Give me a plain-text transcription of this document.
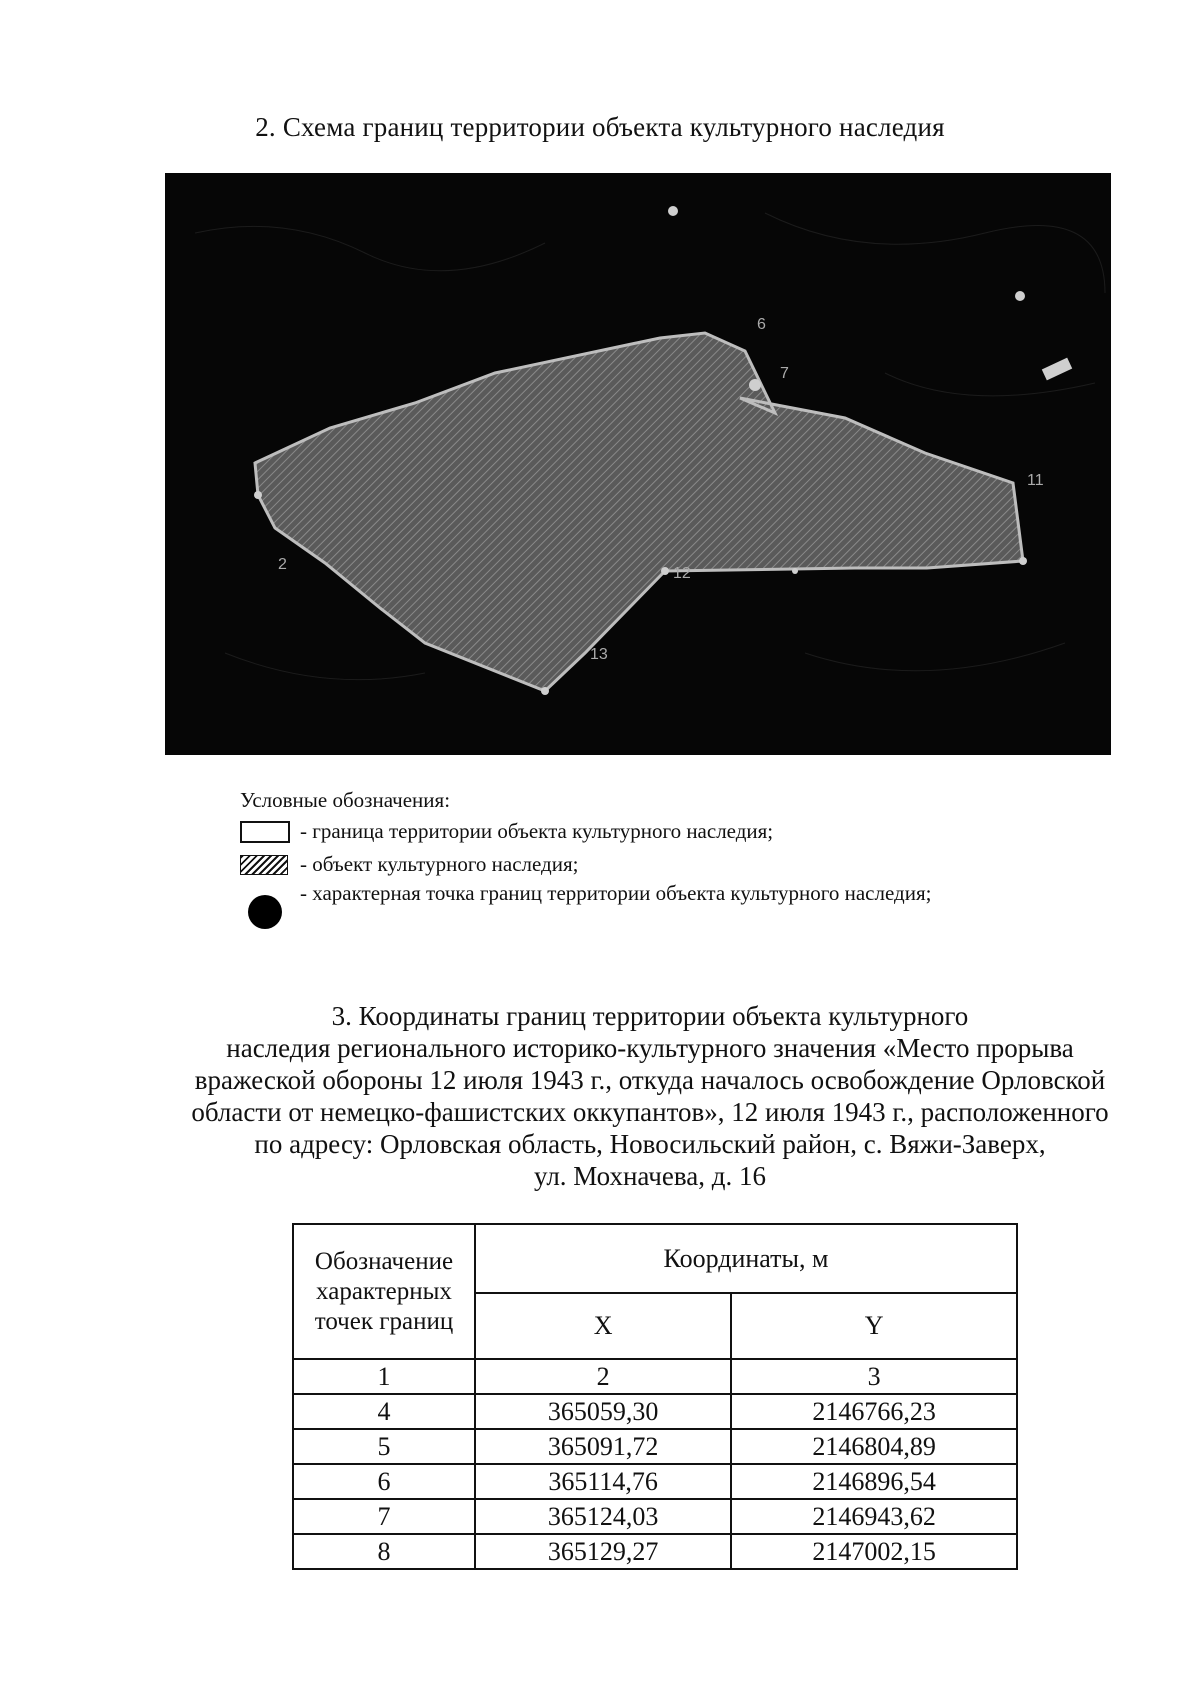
2. Схема границ территории объекта культурного наследия
6
7
11
12
2
13
Условные обозначения:
- граница территории объекта культурного наследия;
- объект культурного наследия;
- характерная точка границ территории объекта культурного наследия;
3. Координаты границ территории объекта культурного
наследия регионального историко-культурного значения «Место прорыва
вражеской обороны 12 июля 1943 г., откуда началось освобождение Орловской
области от немецко-фашистских оккупантов», 12 июля 1943 г., расположенного
по адресу: Орловская область, Новосильский район, с. Вяжи-Заверх,
ул. Мохначева, д. 16
Обозначение характерных точек границ	Координаты, м	
	X	Y
1	2	3
4	365059,30	2146766,23
5	365091,72	2146804,89
6	365114,76	2146896,54
7	365124,03	2146943,62
8	365129,27	2147002,15
